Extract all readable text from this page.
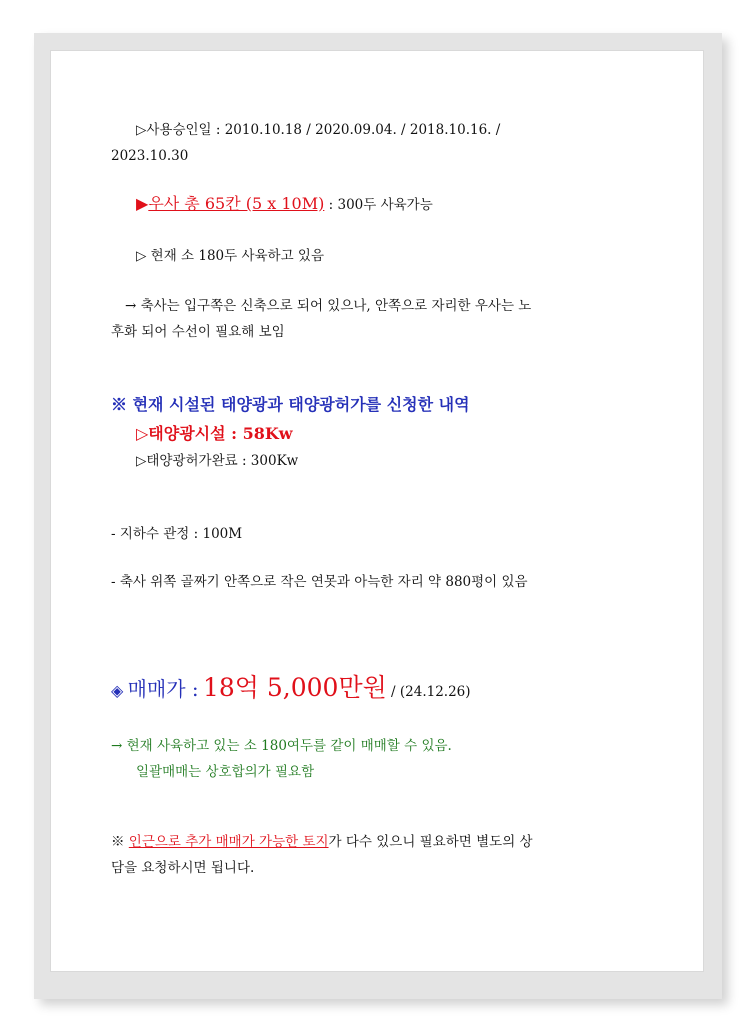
▷사용승인일 : 2010.10.18 / 2020.09.04. / 2018.10.16. /
2023.10.30
▶우사 총 65칸 (5 x 10M) : 300두 사육가능
▷ 현재 소 180두 사육하고 있음
→ 축사는 입구쪽은 신축으로 되어 있으나, 안쪽으로 자리한 우사는 노
후화 되어 수선이 필요해 보임
※ 현재 시설된 태양광과 태양광허가를 신청한 내역
▷태양광시설 : 58Kw
▷태양광허가완료 : 300Kw
- 지하수 관정 : 100M
- 축사 위쪽 골짜기 안쪽으로 작은 연못과 아늑한 자리 약 880평이 있음
◈ 매매가 : 18억 5,000만원 / (24.12.26)
→ 현재 사육하고 있는 소 180여두를 같이 매매할 수 있음.
일괄매매는 상호합의가 필요함
※ 인근으로 추가 매매가 가능한 토지가 다수 있으니 필요하면 별도의 상
담을 요청하시면 됩니다.
